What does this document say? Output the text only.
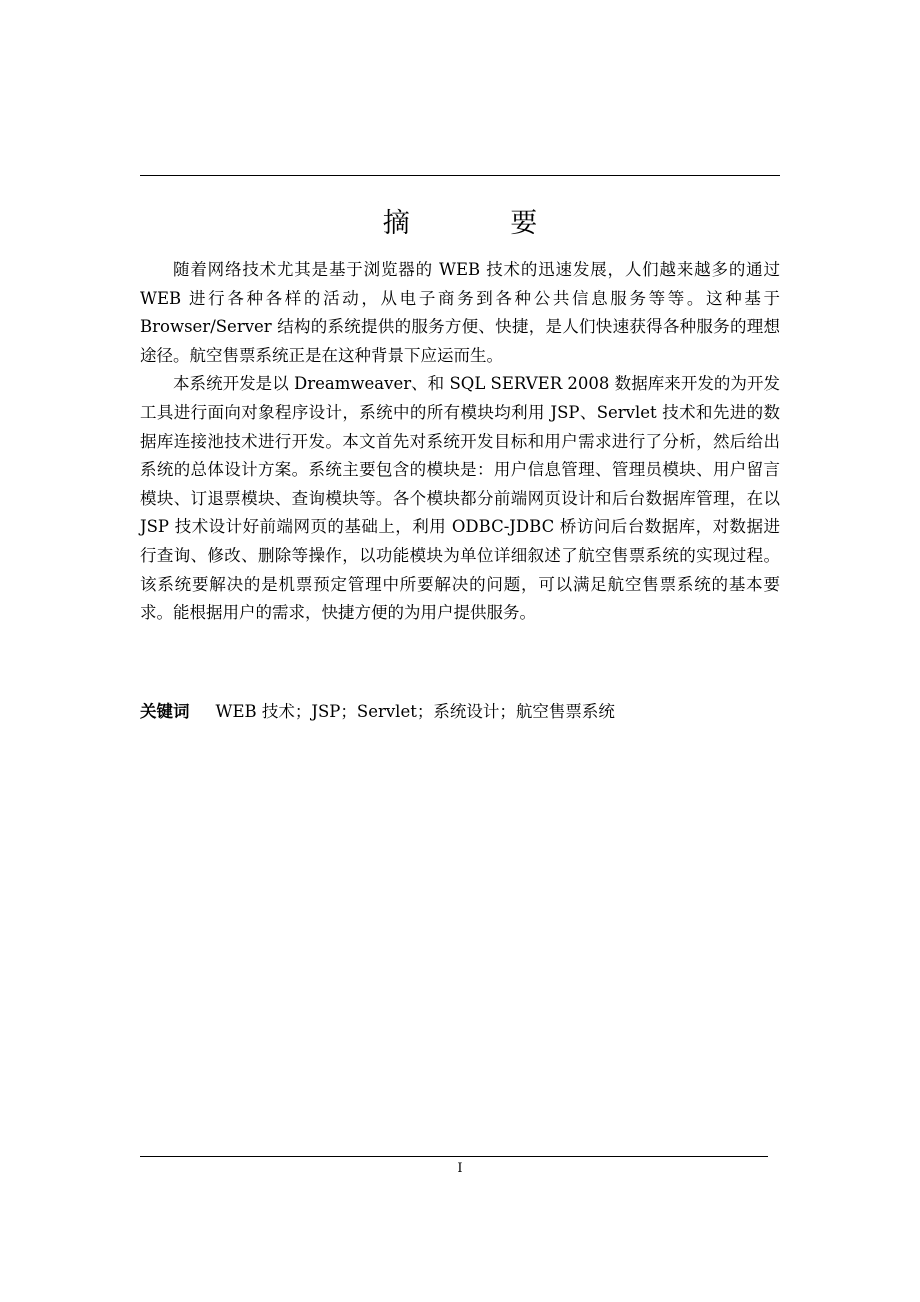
摘 要

随着网络技术尤其是基于浏览器的 WEB 技术的迅速发展，人们越来越多的通过 WEB 进行各种各样的活动，从电子商务到各种公共信息服务等等。这种基于 Browser/Server 结构的系统提供的服务方便、快捷，是人们快速获得各种服务的理想途径。航空售票系统正是在这种背景下应运而生。

本系统开发是以 Dreamweaver、和 SQL SERVER 2008 数据库来开发的为开发工具进行面向对象程序设计，系统中的所有模块均利用 JSP、Servlet 技术和先进的数据库连接池技术进行开发。本文首先对系统开发目标和用户需求进行了分析，然后给出系统的总体设计方案。系统主要包含的模块是：用户信息管理、管理员模块、用户留言模块、订退票模块、查询模块等。各个模块都分前端网页设计和后台数据库管理，在以 JSP 技术设计好前端网页的基础上，利用 ODBC-JDBC 桥访问后台数据库，对数据进行查询、修改、删除等操作，以功能模块为单位详细叙述了航空售票系统的实现过程。该系统要解决的是机票预定管理中所要解决的问题，可以满足航空售票系统的基本要求。能根据用户的需求，快捷方便的为用户提供服务。

关键词 WEB 技术；JSP；Servlet；系统设计；航空售票系统
I
